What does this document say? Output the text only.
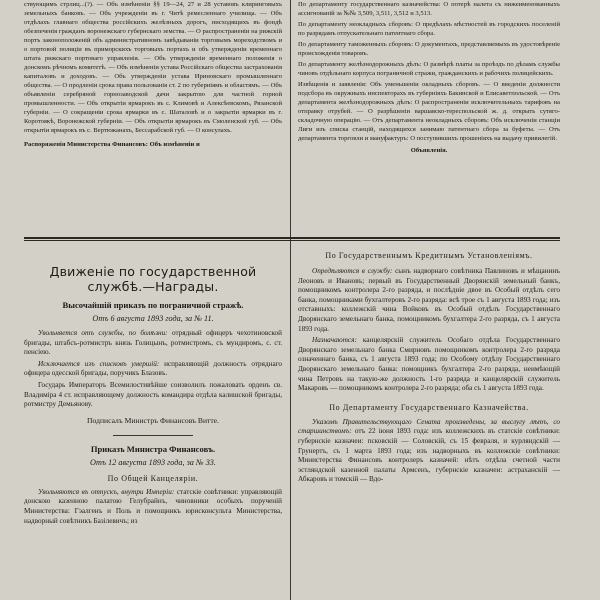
ствующимъ стрлиц...(?). — Объ измѣненіи §§ 19—24, 27 и 28 уставовъ клиринговыхъ земельныхъ банковъ. — Объ учрежденіи въ г. Читѣ ремесленнаго училища. — Объ отдѣлахъ главнаго общества россійскихъ желѣзныхъ дорогъ, нисходящихъ въ фондѣ обезпеченія гражданъ воронежскаго губернскаго земства. — О распространеніи на рижскій портъ законоположеній объ административномъ завѣдываніи торговымъ мореходствомъ и о портовой полиціи въ приморскихъ торговыхъ портахъ и объ утвержденіи временнаго штата рижскаго портоваго управленія. — Объ утвержденіи временнаго положенія о донскомъ рѣчномъ комитетѣ. — Объ измѣненіи устава Россійскаго общества застрахованія капиталовъ и доходовъ. — Объ утвержденіи устава Ириновскаго промышленнаго общества. — О продленіи срока права пользованія ст. 2 по губерніямъ и областямъ. — Объ объявленіи серебряной горнозаводской дачи закрытою для частной горной промышленности. — Объ открытіи ярмарокъ въ с. Климовѣ и Алексѣевскомъ, Рязанской губерніи. — О сокращеніи срока ярмарки въ с. Шаталовѣ и о закрытіи ярмарки въ г. Коротоякѣ, Воронежской губерніи. — Объ открытіи ярмарокъ въ Смоленской губ. — Объ открытіи ярмарокъ въ с. Вертюжанахъ, Бессарабской губ. — О консулахъ.

Распоряженія Министерства Финансовъ: Объ измѣненіи и

По департаменту государственнаго казначейства: О потерѣ налета съ нижеименованныхъ ассигнованій за №№ 3,509, 3,511, 3,512 и 3,513.

По департаменту неокладныхъ сборовъ: О предѣлахъ мѣстностей въ городскихъ поселеній по разрядамъ отпускательнаго патентнаго сбора.

По департаменту таможенныхъ сборовъ: О документахъ, представляемыхъ въ удостовѣреніе происхожденія товаровъ.

По департаменту желѣзнодорожныхъ дѣлъ: О размѣрѣ платы за проѣздъ по дѣламъ службы чиновъ отдѣльнаго корпуса пограничной стражи, гражданскихъ и рабочихъ полицейскихъ.

Извѣщенія и заявленія: Объ уменьшеніи окладныхъ сборовъ. — О введеніи должности подсбора въ окружныхъ инспекторахъ въ губерніяхъ Бакинской и Елисаветпольской. — Отъ департамента желѣзнодорожныхъ дѣлъ: О распространеніи исключительныхъ тарифовъ на отправку отрубей. — О разрѣшеніи варшавско-тереспольской ж. д. открыть сутяго-складочную операцію. — Отъ департамента неокладныхъ сборовъ: Объ исключеніи станціи Лиги изъ списка станцій, находящихся занимаю патентнаго сбора за буфеты. — Отъ департамента торговли и мануфактуръ: О поступившихъ прошеніяхъ на выдачу привилегій.

Объявленія.

Движеніе по государственной службѣ.—Награды.

Высочайшій приказъ по пограничной стражѣ.

Отъ 6 августа 1893 года, за № 11.

Увольняется отъ службы, по болѣзни: отрядный офицеръ чехотиновской бригады, штабсъ-ротмистръ князь Голицынъ, ротмистромъ, съ мундиромъ, с. ст. пенсіею.

Исключается изъ списковъ умершій: исправляющій должность отряднаго офицера одесской бригады, поручикъ Блазовъ.

Государь Императоръ Всемилостивѣйше соизволилъ пожаловать орденъ св. Владиміра 4 ст. исправляющему должность командира отдѣла калишской бригады, ротмистру Демьянову.

Подписалъ Министръ Финансовъ Витте.

Приказъ Министра Финансовъ.

Отъ 12 августа 1893 года, за № 33.

По Общей Канцеляріи.

Увольняются въ отпускъ, внутри Имперіи: статскіе совѣтники: управляющій донскою казенною палатою Гелубрайнъ, чиновники особыхъ порученій Министерства: Гэалгенъ и Поль и помощникъ юрисконсульта Министерства, надворный совѣтникъ Базілевичъ; из

По Государственнымъ Кредитнымъ Установленіямъ.

Опредѣляются в службу: сынъ надворнаго совѣтника Павлиновъ и мѣщанинъ Леоновъ и Ивановъ; первый въ Государственный Дворянскій земельный банкъ, помощникомъ контролера 2-го разряда, и послѣдніе двое въ Особый отдѣлъ сего банка, помощниками бухгалтеровъ 2-го разряда: всѣ трое съ 1 августа 1893 года; изъ отставныхъ: коллежскій чина Войковъ въ Особый отдѣлъ Государственнаго Дворянскаго земельнаго банка, помощникомъ бухгалтера 2-го разряда, съ 1 августа 1893 года.

Назначаются: канцелярскій служитель Особаго отдѣла Государственнаго Дворянскаго земельнаго банка Смирновъ помощникомъ контролера 2-го разряда означеннаго банка, съ 1 августа 1893 года; по Особому отдѣлу Государственнаго Дворянскаго земельнаго банка: помощникъ бухгалтера 2-го разряда, неимѣющій чина Петровъ на такую-же должность 1-го разряда и канцелярскій служитель Макаровъ — помощникомъ контролера 2-го разряда; оба съ 1 августа 1893 года.

По Департаменту Государственнаго Казначейства.

Указомъ Правительствующаго Сената произведены, за выслугу лѣтъ, со старшинствомъ: отъ 22 іюня 1893 года: изъ коллежскихъ въ статскіе совѣтники: губернскіе казначеи: псковскій — Соловскій, съ 15 февраля, и курляндскій — Грунертъ, съ 1 марта 1893 года; изъ надворныхъ въ коллежскіе совѣтники: Министерства Финансовъ контролеръ казначей: нѣтъ отдѣла счетной части эстляндской казенной палаты Армсенъ, губернскіе казначеи: астраханскій — Абкаровъ и томскій — Вдо-
